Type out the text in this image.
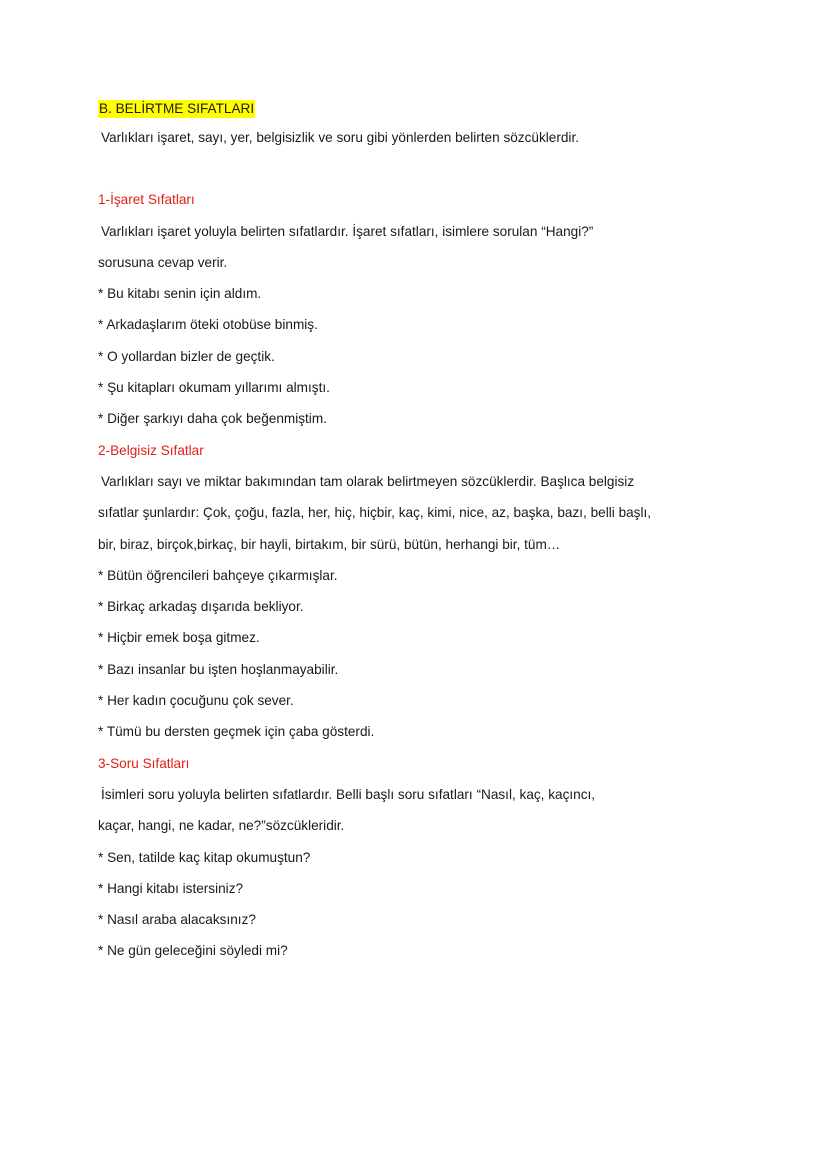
B. BELİRTME SIFATLARI
Varlıkları işaret, sayı, yer, belgisizlik ve soru gibi yönlerden belirten sözcüklerdir.
1-İşaret Sıfatları
Varlıkları işaret yoluyla belirten sıfatlardır. İşaret sıfatları, isimlere sorulan “Hangi?”
sorusuna cevap verir.
* Bu kitabı senin için aldım.
* Arkadaşlarım öteki otobüse binmiş.
* O yollardan bizler de geçtik.
* Şu kitapları okumam yıllarımı almıştı.
* Diğer şarkıyı daha çok beğenmiştim.
2-Belgisiz Sıfatlar
Varlıkları sayı ve miktar bakımından tam olarak belirtmeyen sözcüklerdir. Başlıca belgisiz
sıfatlar şunlardır: Çok, çoğu, fazla, her, hiç, hiçbir, kaç, kimi, nice, az, başka, bazı, belli başlı,
bir, biraz, birçok,birkaç, bir hayli, birtakım, bir sürü, bütün, herhangi bir, tüm…
* Bütün öğrencileri bahçeye çıkarmışlar.
* Birkaç arkadaş dışarıda bekliyor.
* Hiçbir emek boşa gitmez.
* Bazı insanlar bu işten hoşlanmayabilir.
* Her kadın çocuğunu çok sever.
* Tümü bu dersten geçmek için çaba gösterdi.
3-Soru Sıfatları
İsimleri soru yoluyla belirten sıfatlardır. Belli başlı soru sıfatları “Nasıl, kaç, kaçıncı,
kaçar, hangi, ne kadar, ne?”sözcükleridir.
* Sen, tatilde kaç kitap okumuştun?
* Hangi kitabı istersiniz?
* Nasıl araba alacaksınız?
* Ne gün geleceğini söyledi mi?
